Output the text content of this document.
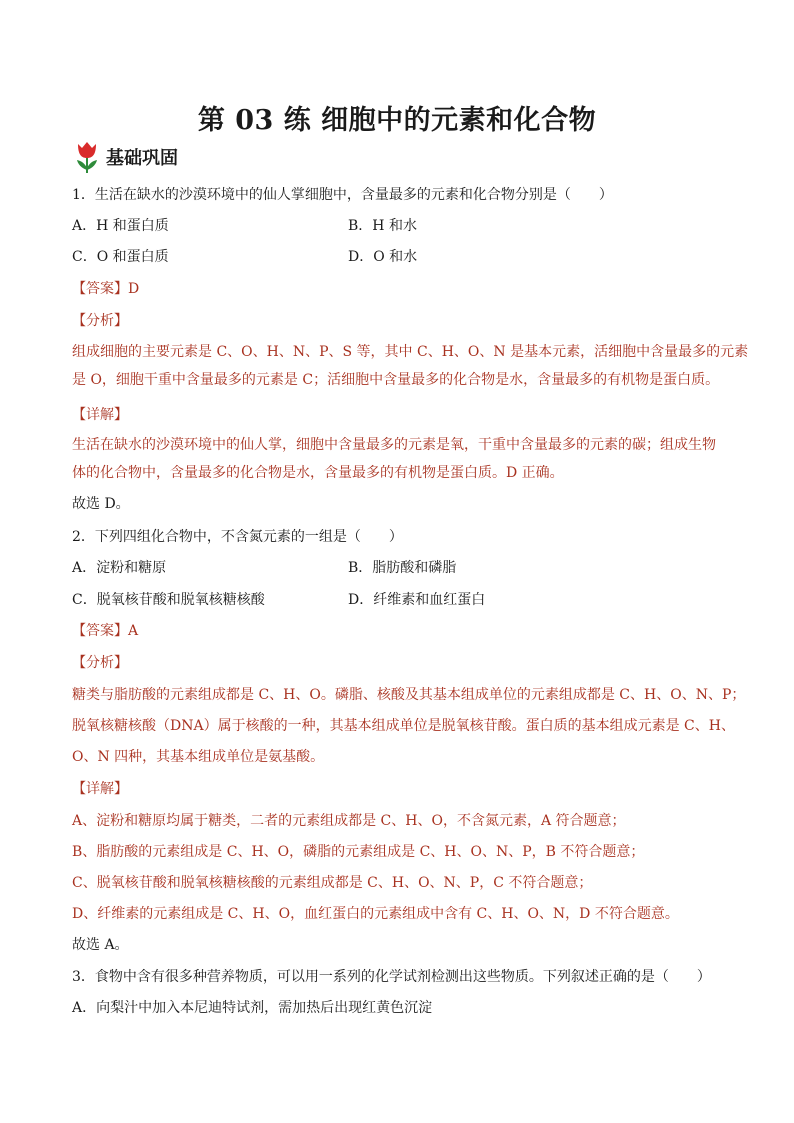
第 03 练 细胞中的元素和化合物
基础巩固
1．生活在缺水的沙漠环境中的仙人掌细胞中，含量最多的元素和化合物分别是（　　）
A．H 和蛋白质	B．H 和水
C．O 和蛋白质	D．O 和水
【答案】D
【分析】
组成细胞的主要元素是 C、O、H、N、P、S 等，其中 C、H、O、N 是基本元素，活细胞中含量最多的元素
是 O，细胞干重中含量最多的元素是 C；活细胞中含量最多的化合物是水，含量最多的有机物是蛋白质。
【详解】
生活在缺水的沙漠环境中的仙人掌，细胞中含量最多的元素是氧，干重中含量最多的元素的碳；组成生物
体的化合物中，含量最多的化合物是水，含量最多的有机物是蛋白质。D 正确。
故选 D。
2．下列四组化合物中，不含氮元素的一组是（　　）
A．淀粉和糖原	B．脂肪酸和磷脂
C．脱氧核苷酸和脱氧核糖核酸	D．纤维素和血红蛋白
【答案】A
【分析】
糖类与脂肪酸的元素组成都是 C、H、O。磷脂、核酸及其基本组成单位的元素组成都是 C、H、O、N、P；
脱氧核糖核酸（DNA）属于核酸的一种，其基本组成单位是脱氧核苷酸。蛋白质的基本组成元素是 C、H、
O、N 四种，其基本组成单位是氨基酸。
【详解】
A、淀粉和糖原均属于糖类，二者的元素组成都是 C、H、O，不含氮元素，A 符合题意；
B、脂肪酸的元素组成是 C、H、O，磷脂的元素组成是 C、H、O、N、P，B 不符合题意；
C、脱氧核苷酸和脱氧核糖核酸的元素组成都是 C、H、O、N、P，C 不符合题意；
D、纤维素的元素组成是 C、H、O，血红蛋白的元素组成中含有 C、H、O、N，D 不符合题意。
故选 A。
3．食物中含有很多种营养物质，可以用一系列的化学试剂检测出这些物质。下列叙述正确的是（　　）
A．向梨汁中加入本尼迪特试剂，需加热后出现红黄色沉淀
